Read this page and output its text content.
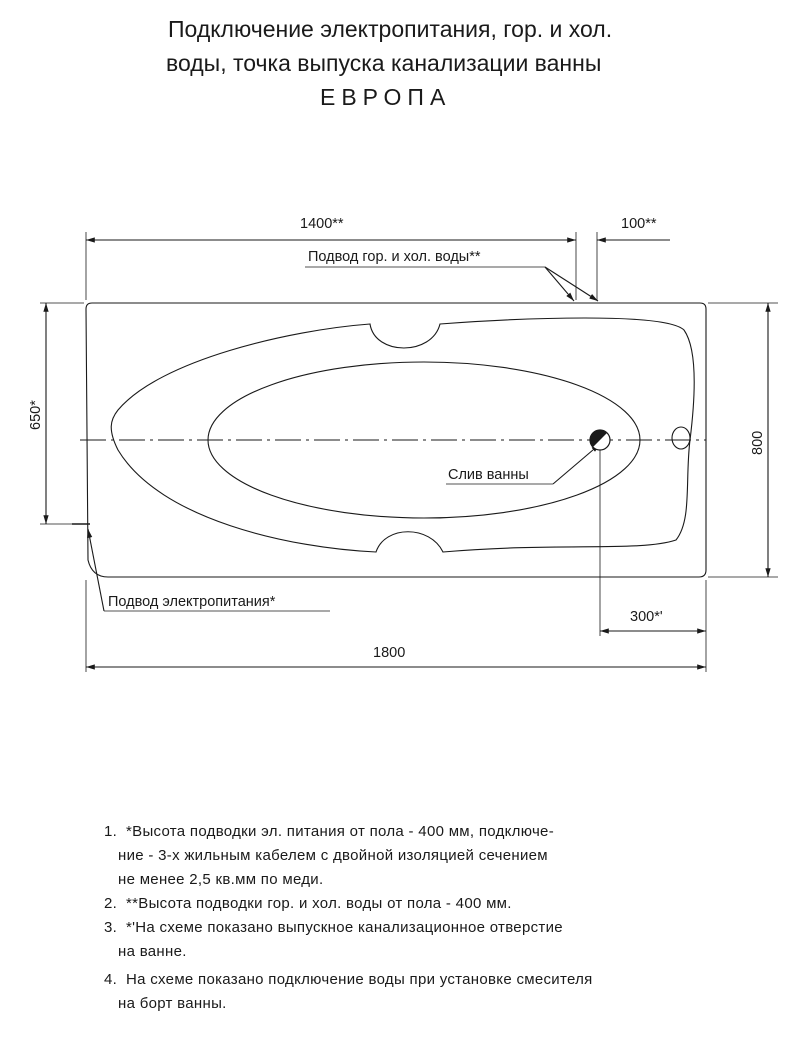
Подключение электропитания, гор. и хол.
воды, точка выпуска канализации ванны
ЕВРОПА
1400**	100**
1800
300*'
650*
800
Подвод гор. и хол. воды**
Слив ванны
Подвод электропитания*
1. *Высота подводки эл. питания от пола - 400 мм, подключе-
ние - 3-х жильным кабелем с двойной изоляцией сечением
не менее 2,5 кв.мм по меди.
2. **Высота подводки гор. и хол. воды от пола - 400 мм.
3. *'На схеме показано выпускное канализационное отверстие
на ванне.
4. На схеме показано подключение воды при установке смесителя
на борт ванны.
